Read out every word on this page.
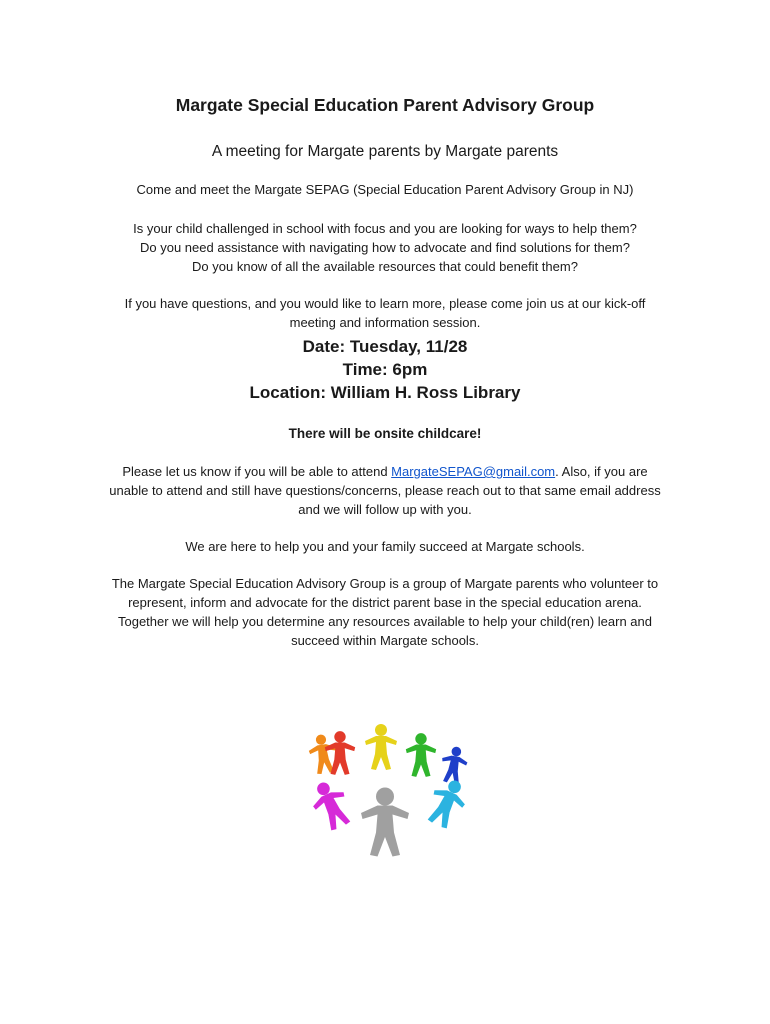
Margate Special Education Parent Advisory Group
A meeting for Margate parents by Margate parents
Come and meet the Margate SEPAG (Special Education Parent Advisory Group in NJ)
Is your child challenged in school with focus and you are looking for ways to help them?
Do you need assistance with navigating how to advocate and find solutions for them?
Do you know of all the available resources that could benefit them?
If you have questions, and you would like to learn more, please come join us at our kick-off
meeting and information session.
Date: Tuesday, 11/28
Time: 6pm
Location: William H. Ross Library
There will be onsite childcare!
Please let us know if you will be able to attend MargateSEPAG@gmail.com. Also, if you are
unable to attend and still have questions/concerns, please reach out to that same email address
and we will follow up with you.
We are here to help you and your family succeed at Margate schools.
The Margate Special Education Advisory Group is a group of Margate parents who volunteer to
represent, inform and advocate for the district parent base in the special education arena.
Together we will help you determine any resources available to help your child(ren) learn and
succeed within Margate schools.
